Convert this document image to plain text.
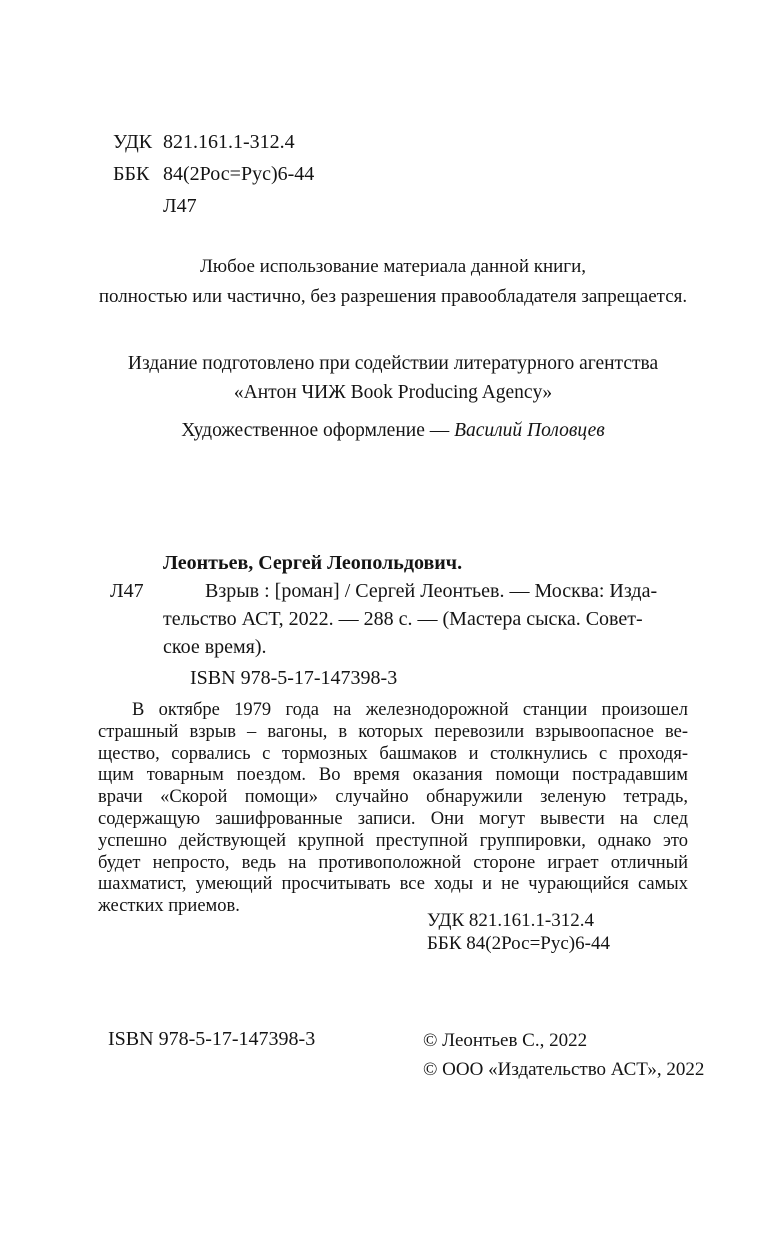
УДК 821.161.1-312.4
ББК 84(2Рос=Рус)6-44
Л47
Любое использование материала данной книги,
полностью или частично, без разрешения правообладателя запрещается.
Издание подготовлено при содействии литературного агентства
«Антон ЧИЖ Book Producing Agency»
Художественное оформление — Василий Половцев
Л47
Леонтьев, Сергей Леопольдович.
Взрыв : [роман] / Сергей Леонтьев. — Москва: Изда-
тельство АСТ, 2022. — 288 с. — (Мастера сыска. Совет-
ское время).
ISBN 978-5-17-147398-3
В октябре 1979 года на железнодорожной станции произошел
страшный взрыв – вагоны, в которых перевозили взрывоопасное ве-
щество, сорвались с тормозных башмаков и столкнулись с проходя-
щим товарным поездом. Во время оказания помощи пострадавшим
врачи «Скорой помощи» случайно обнаружили зеленую тетрадь,
содержащую зашифрованные записи. Они могут вывести на след
успешно действующей крупной преступной группировки, однако это
будет непросто, ведь на противоположной стороне играет отличный
шахматист, умеющий просчитывать все ходы и не чурающийся самых
жестких приемов.
УДК 821.161.1-312.4
ББК 84(2Рос=Рус)6-44
ISBN 978-5-17-147398-3	© Леонтьев С., 2022
© ООО «Издательство АСТ», 2022
